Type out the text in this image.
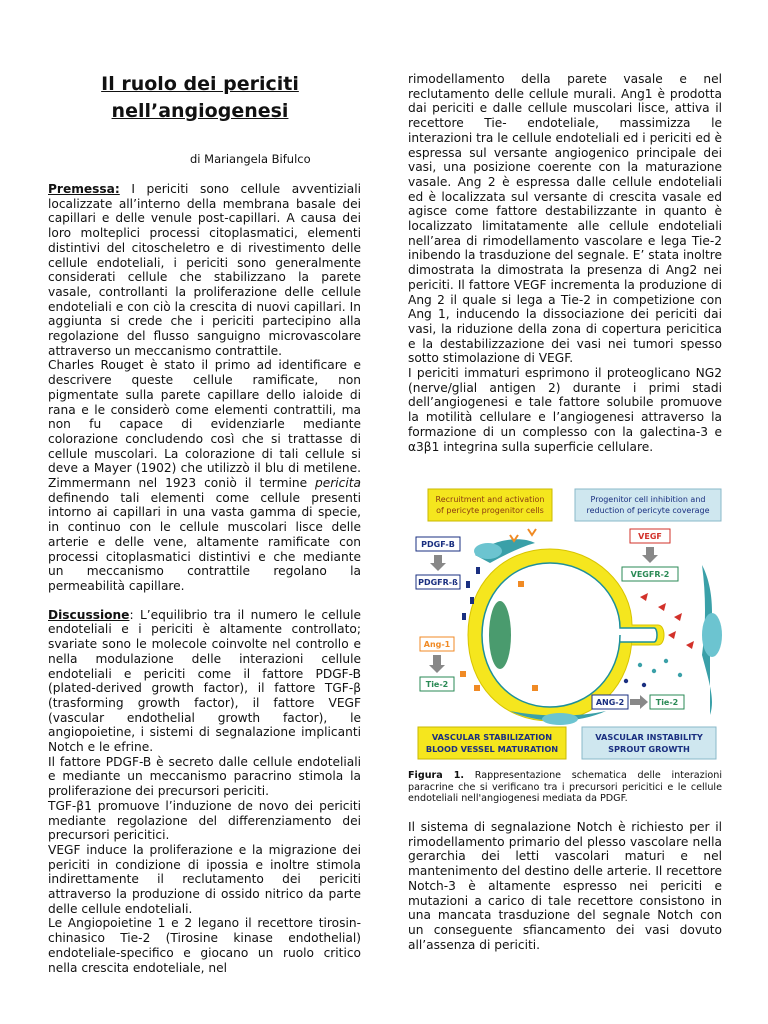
Il ruolo dei periciti
nell’angiogenesi

di Mariangela Bifulco

Premessa: I periciti sono cellule avventiziali localizzate all’interno della membrana basale dei capillari e delle venule post-capillari. A causa dei loro molteplici processi citoplasmatici, elementi distintivi del citoscheletro e di rivestimento delle cellule endoteliali, i periciti sono generalmente considerati cellule che stabilizzano la parete vasale, controllanti la proliferazione delle cellule endoteliali e con ciò la crescita di nuovi capillari. In aggiunta si crede che i periciti partecipino alla regolazione del flusso sanguigno microvascolare attraverso un meccanismo contrattile.

Charles Rouget è stato il primo ad identificare e descrivere queste cellule ramificate, non pigmentate sulla parete capillare dello ialoide di rana e le considerò come elementi contrattili, ma non fu capace di evidenziarle mediante colorazione concludendo così che si trattasse di cellule muscolari. La colorazione di tali cellule si deve a Mayer (1902) che utilizzò il blu di metilene. Zimmermann nel 1923 coniò il termine pericita definendo tali elementi come cellule presenti intorno ai capillari in una vasta gamma di specie, in continuo con le cellule muscolari lisce delle arterie e delle vene, altamente ramificate con processi citoplasmatici distintivi e che mediante un meccanismo contrattile regolano la permeabilità capillare.

Discussione: L’equilibrio tra il numero le cellule endoteliali e i periciti è altamente controllato; svariate sono le molecole coinvolte nel controllo e nella modulazione delle interazioni cellule endoteliali e periciti come il fattore PDGF-B (plated-derived growth factor), il fattore TGF-β (trasforming growth factor), il fattore VEGF (vascular endothelial growth factor), le angiopoietine, i sistemi di segnalazione implicanti Notch e le efrine.

Il fattore PDGF-B è secreto dalle cellule endoteliali e mediante un meccanismo paracrino stimola la proliferazione dei precursori periciti.

TGF-β1 promuove l’induzione de novo dei periciti mediante regolazione del differenziamento dei precursori pericitici.

VEGF induce la proliferazione e la migrazione dei periciti in condizione di ipossia e inoltre stimola indirettamente il reclutamento dei periciti attraverso la produzione di ossido nitrico da parte delle cellule endoteliali.

Le Angiopoietine 1 e 2 legano il recettore tirosin- chinasico Tie-2 (Tirosine kinase endothelial) endoteliale-specifico e giocano un ruolo critico nella crescita endoteliale, nel

rimodellamento della parete vasale e nel reclutamento delle cellule murali. Ang1 è prodotta dai periciti e dalle cellule muscolari lisce, attiva il recettore Tie- endoteliale, massimizza le interazioni tra le cellule endoteliali ed i periciti ed è espressa sul versante angiogenico principale dei vasi, una posizione coerente con la maturazione vasale. Ang 2 è espressa dalle cellule endoteliali ed è localizzata sul versante di crescita vasale ed agisce come fattore destabilizzante in quanto è localizzato limitatamente alle cellule endoteliali nell’area di rimodellamento vascolare e lega Tie-2 inibendo la trasduzione del segnale. E’ stata inoltre dimostrata la dimostrata la presenza di Ang2 nei periciti. Il fattore VEGF incrementa la produzione di Ang 2 il quale si lega a Tie-2 in competizione con Ang 1, inducendo la dissociazione dei periciti dai vasi, la riduzione della zona di copertura pericitica e la destabilizzazione dei vasi nei tumori spesso sotto stimolazione di VEGF.

I periciti immaturi esprimono il proteoglicano NG2 (nerve/glial antigen 2) durante i primi stadi dell’angiogenesi e tale fattore solubile promuove la motilità cellulare e l’angiogenesi attraverso la formazione di un complesso con la galectina-3 e α3β1 integrina sulla superficie cellulare.

Recruitment and activation
of pericyte progenitor cells
Progenitor cell inhibition and
reduction of pericyte coverage
PDGF-B
PDGFR-ß
VEGF
VEGFR-2
Ang-1
Tie-2
ANG-2	Tie-2
VASCULAR STABILIZATION
BLOOD VESSEL MATURATION
VASCULAR INSTABILITY
SPROUT GROWTH

Figura 1. Rappresentazione schematica delle interazioni paracrine che si verificano tra i precursori pericitici e le cellule endoteliali nell'angiogenesi mediata da PDGF.

Il sistema di segnalazione Notch è richiesto per il rimodellamento primario del plesso vascolare nella gerarchia dei letti vascolari maturi e nel mantenimento del destino delle arterie. Il recettore Notch-3 è altamente espresso nei periciti e mutazioni a carico di tale recettore consistono in una mancata trasduzione del segnale Notch con un conseguente sfiancamento dei vasi dovuto all’assenza di periciti.
